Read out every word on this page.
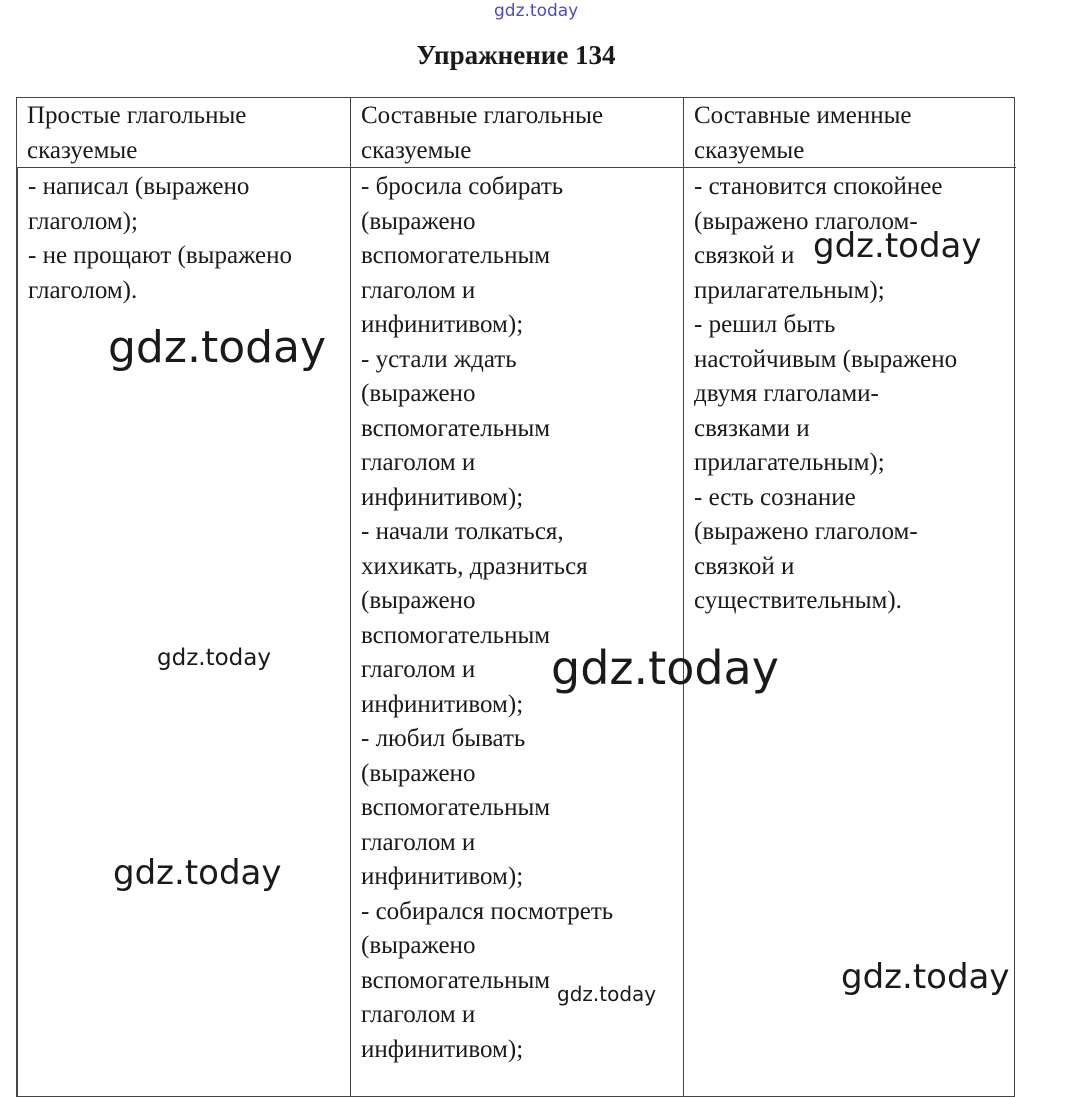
gdz.today
Упражнение 134
Простые глагольные
сказуемые
Составные глагольные
сказуемые
Составные именные
сказуемые
- написал (выражено
глаголом);
- не прощают (выражено
глаголом).
- бросила собирать
(выражено
вспомогательным
глаголом и
инфинитивом);
- устали ждать
(выражено
вспомогательным
глаголом и
инфинитивом);
- начали толкаться,
хихикать, дразниться
(выражено
вспомогательным
глаголом и
инфинитивом);
- любил бывать
(выражено
вспомогательным
глаголом и
инфинитивом);
- собирался посмотреть
(выражено
вспомогательным
глаголом и
инфинитивом);
- становится спокойнее
(выражено глаголом-
связкой и
прилагательным);
- решил быть
настойчивым (выражено
двумя глаголами-
связками и
прилагательным);
- есть сознание
(выражено глаголом-
связкой и
существительным).
gdz.today
gdz.today
gdz.today	gdz.today
gdz.today
gdz.today
gdz.today
